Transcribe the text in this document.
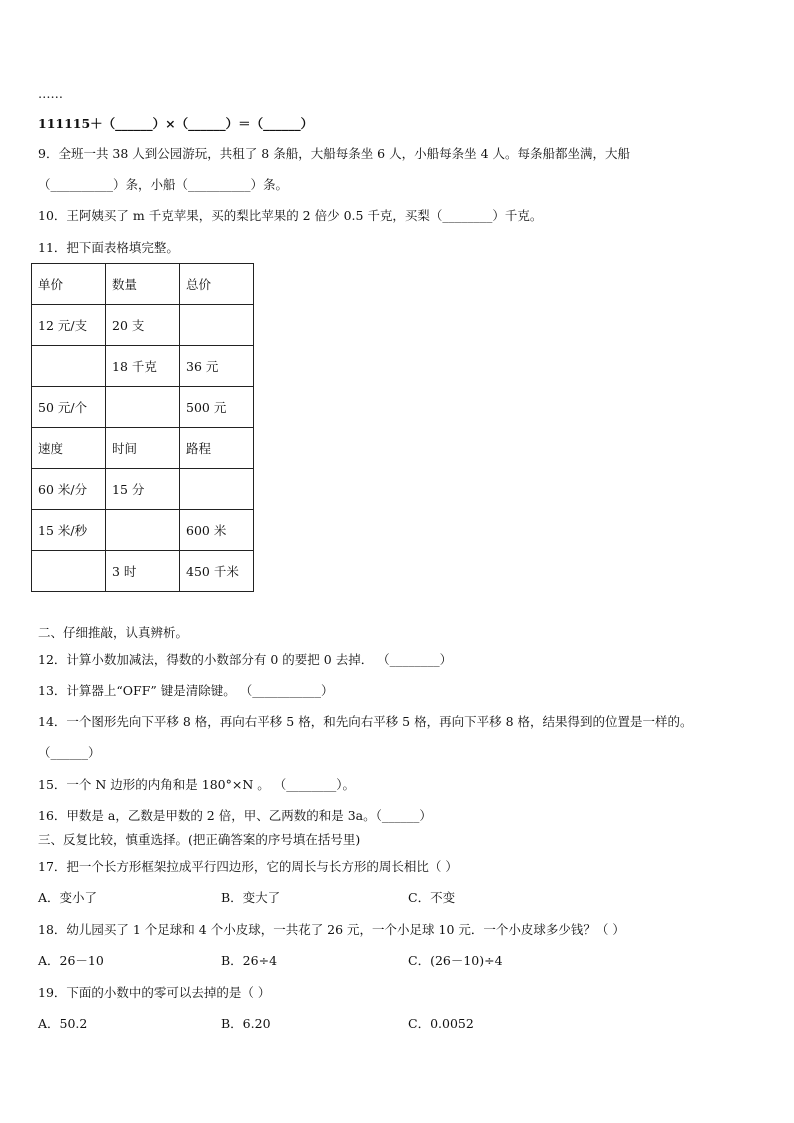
……
111115＋（______）×（______）＝（______）
9．全班一共 38 人到公园游玩，共租了 8 条船，大船每条坐 6 人，小船每条坐 4 人。每条船都坐满，大船
（__________）条，小船（__________）条。
10．王阿姨买了 m 千克苹果，买的梨比苹果的 2 倍少 0.5 千克，买梨（________）千克。
11．把下面表格填完整。
单价	数量	总价
12 元/支	20 支	
	18 千克	36 元
50 元/个		500 元
速度	时间	路程
60 米/分	15 分	
15 米/秒		600 米
	3 时	450 千米
二、仔细推敲，认真辨析。
12．计算小数加减法，得数的小数部分有 0 的要把 0 去掉． （________）
13．计算器上“OFF” 键是清除键。 （___________）
14．一个图形先向下平移 8 格，再向右平移 5 格，和先向右平移 5 格，再向下平移 8 格，结果得到的位置是一样的。
（______）
15．一个 N 边形的内角和是 180°×N 。 （________）。
16．甲数是 a，乙数是甲数的 2 倍，甲、乙两数的和是 3a。（______）
三、反复比较，慎重选择。(把正确答案的序号填在括号里)
17．把一个长方形框架拉成平行四边形，它的周长与长方形的周长相比（ ）
A．变小了	B．变大了	C．不变
18．幼儿园买了 1 个足球和 4 个小皮球，一共花了 26 元，一个小足球 10 元．一个小皮球多少钱？（ ）
A．26－10	B．26÷4	C．(26－10)÷4
19．下面的小数中的零可以去掉的是（ ）
A．50.2	B．6.20	C．0.0052
